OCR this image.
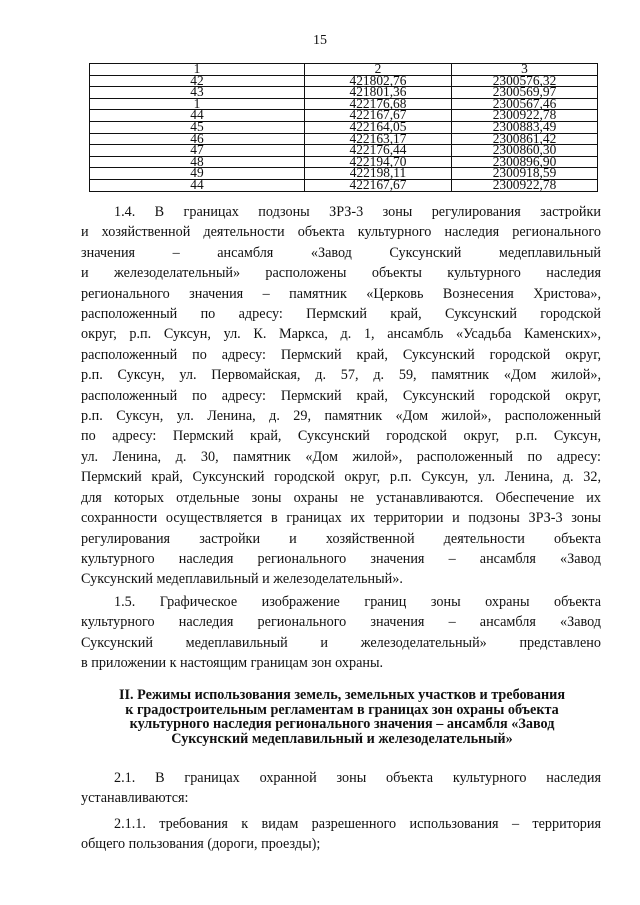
15
1	2	3
42	421802,76	2300576,32
43	421801,36	2300569,97
1	422176,68	2300567,46
44	422167,67	2300922,78
45	422164,05	2300883,49
46	422163,17	2300861,42
47	422176,44	2300860,30
48	422194,70	2300896,90
49	422198,11	2300918,59
44	422167,67	2300922,78

1.4. В границах подзоны ЗРЗ-3 зоны регулирования застройки

и хозяйственной деятельности объекта культурного наследия регионального

значения – ансамбля «Завод Суксунский медеплавильный

и железоделательный» расположены объекты культурного наследия

регионального значения – памятник «Церковь Вознесения Христова»,

расположенный по адресу: Пермский край, Суксунский городской

округ, р.п. Суксун, ул. К. Маркса, д. 1, ансамбль «Усадьба Каменских»,

расположенный по адресу: Пермский край, Суксунский городской округ,

р.п. Суксун, ул. Первомайская, д. 57, д. 59, памятник «Дом жилой»,

расположенный по адресу: Пермский край, Суксунский городской округ,

р.п. Суксун, ул. Ленина, д. 29, памятник «Дом жилой», расположенный

по адресу: Пермский край, Суксунский городской округ, р.п. Суксун,

ул. Ленина, д. 30, памятник «Дом жилой», расположенный по адресу:

Пермский край, Суксунский городской округ, р.п. Суксун, ул. Ленина, д. 32,

для которых отдельные зоны охраны не устанавливаются. Обеспечение их

сохранности осуществляется в границах их территории и подзоны ЗРЗ-3 зоны

регулирования застройки и хозяйственной деятельности объекта

культурного наследия регионального значения – ансамбля «Завод

Суксунский медеплавильный и железоделательный».

1.5. Графическое изображение границ зоны охраны объекта

культурного наследия регионального значения – ансамбля «Завод

Суксунский медеплавильный и железоделательный» представлено

в приложении к настоящим границам зон охраны.

II. Режимы использования земель, земельных участков и требования
к градостроительным регламентам в границах зон охраны объекта
культурного наследия регионального значения – ансамбля «Завод
Суксунский медеплавильный и железоделательный»

2.1. В границах охранной зоны объекта культурного наследия

устанавливаются:

2.1.1. требования к видам разрешенного использования – территория

общего пользования (дороги, проезды);
